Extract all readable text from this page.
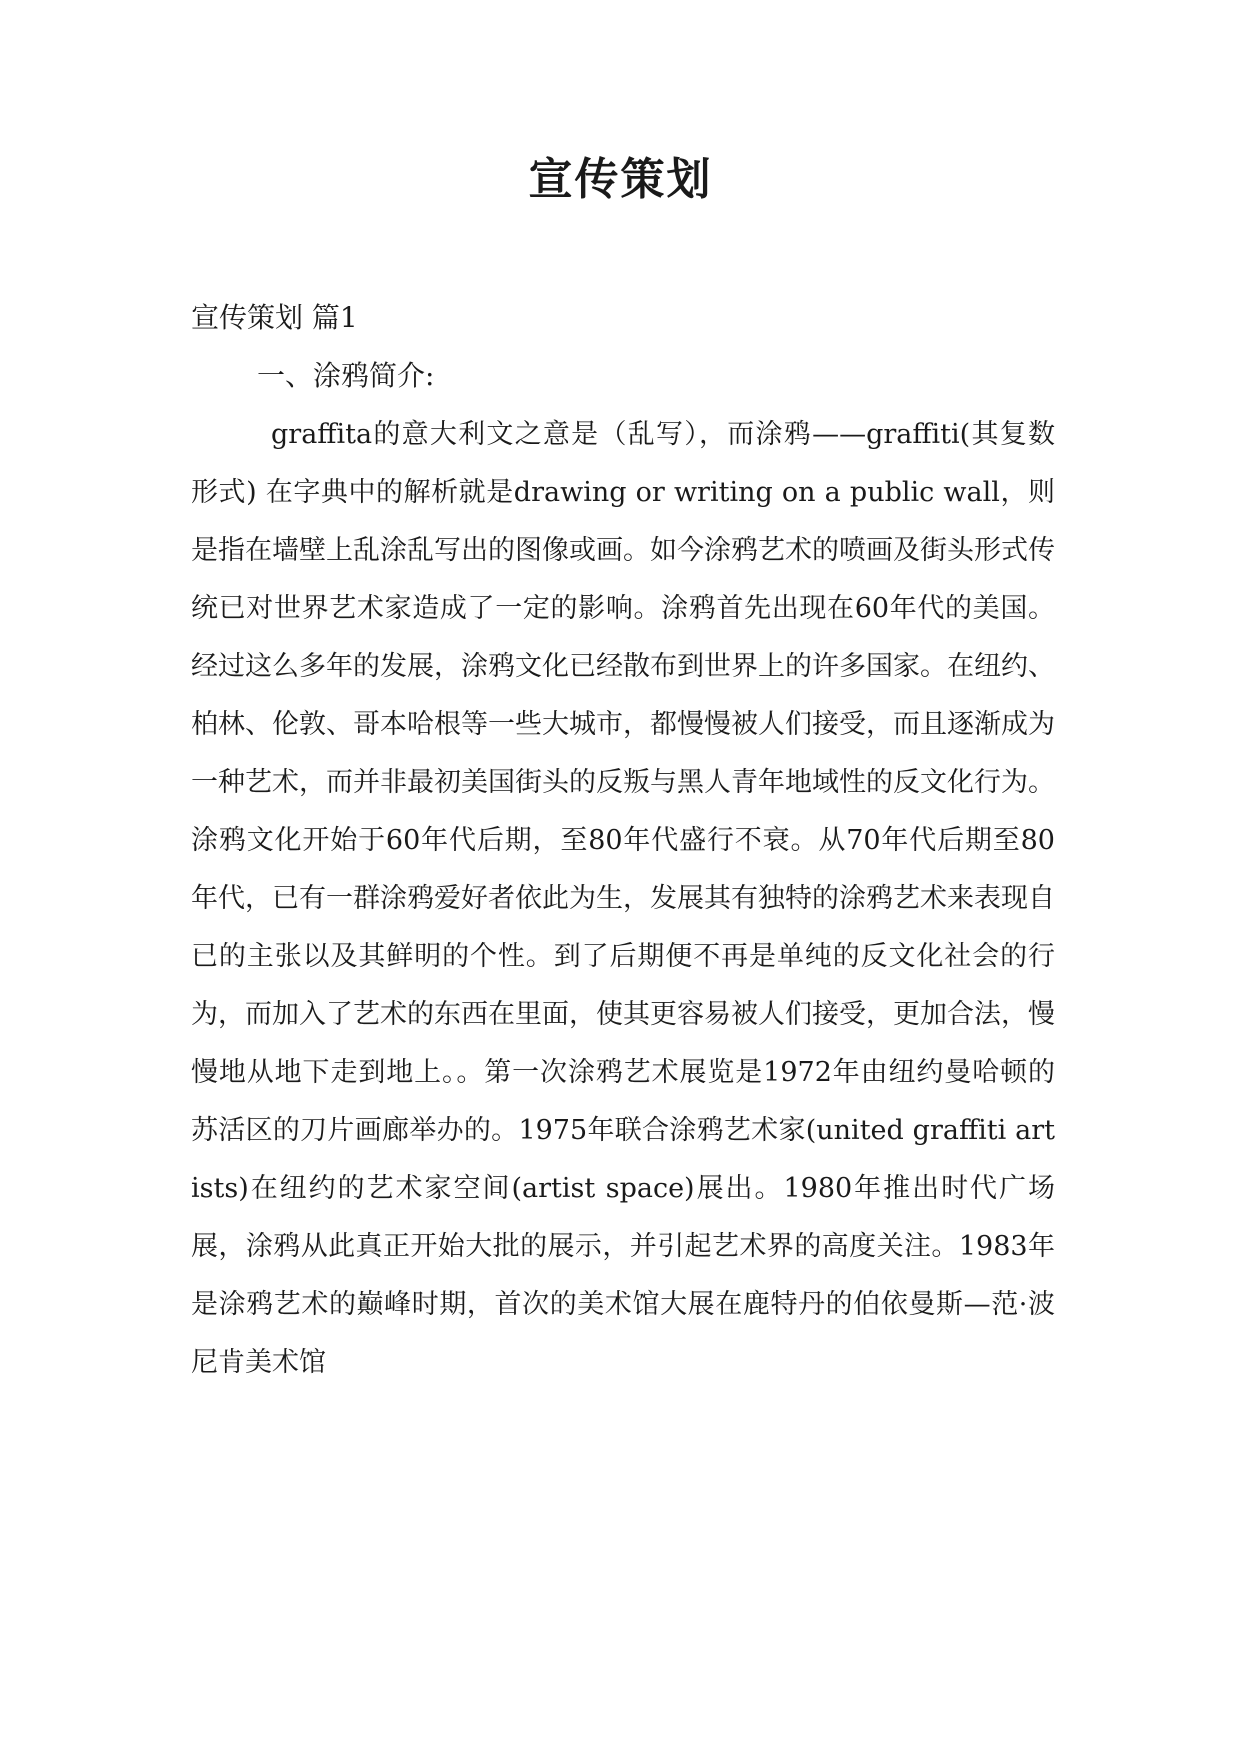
宣传策划
宣传策划 篇1
一、涂鸦简介:

graffita的意大利文之意是（乱写），而涂鸦——graffiti(其复数形式) 在字典中的解析就是drawing or writing on a public wall，则是指在墙壁上乱涂乱写出的图像或画。如今涂鸦艺术的喷画及街头形式传统已对世界艺术家造成了一定的影响。涂鸦首先出现在60年代的美国。经过这么多年的发展，涂鸦文化已经散布到世界上的许多国家。在纽约、柏林、伦敦、哥本哈根等一些大城市，都慢慢被人们接受，而且逐渐成为一种艺术，而并非最初美国街头的反叛与黑人青年地域性的反文化行为。涂鸦文化开始于60年代后期，至80年代盛行不衰。从70年代后期至80年代，已有一群涂鸦爱好者依此为生，发展其有独特的涂鸦艺术来表现自已的主张以及其鲜明的个性。到了后期便不再是单纯的反文化社会的行为，而加入了艺术的东西在里面，使其更容易被人们接受，更加合法，慢慢地从地下走到地上。。第一次涂鸦艺术展览是1972年由纽约曼哈顿的苏活区的刀片画廊举办的。1975年联合涂鸦艺术家(united graffiti artists)在纽约的艺术家空间(artist space)展出。1980年推出时代广场展，涂鸦从此真正开始大批的展示，并引起艺术界的高度关注。1983年是涂鸦艺术的巅峰时期，首次的美术馆大展在鹿特丹的伯依曼斯—范·波尼肯美术馆
